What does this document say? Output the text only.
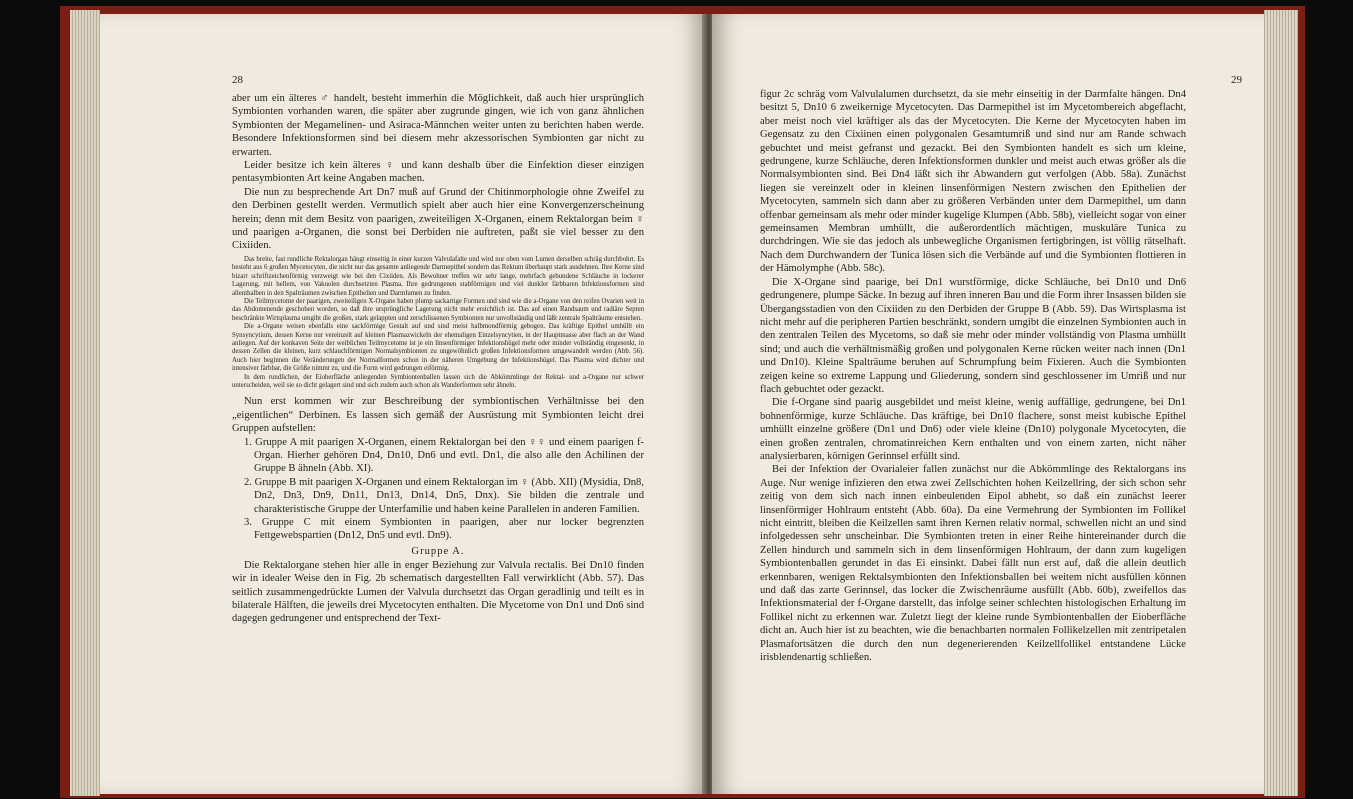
28

aber um ein älteres ♂ handelt, besteht immerhin die Möglichkeit, daß auch hier ursprünglich Symbionten vorhanden waren, die später aber zugrunde gingen, wie ich von ganz ähnlichen Symbionten der Megamelinen- und Asiraca-Männchen weiter unten zu berichten haben werde. Besondere Infektionsformen sind bei diesem mehr akzessorischen Symbionten gar nicht zu erwarten.

Leider besitze ich kein älteres ♀ und kann deshalb über die Einfektion dieser einzigen pentasymbionten Art keine Angaben machen.

Die nun zu besprechende Art Dn7 muß auf Grund der Chitinmorphologie ohne Zweifel zu den Derbinen gestellt werden. Vermutlich spielt aber auch hier eine Konvergenzerscheinung herein; denn mit dem Besitz von paarigen, zweiteiligen X-Organen, einem Rektalorgan beim ♀ und paarigen a-Organen, die sonst bei Derbiden nie auftreten, paßt sie viel besser zu den Cixiiden.

Das breite, fast rundliche Rektalorgan hängt einseitig in einer kurzen Valvulafalte und wird nur oben vom Lumen derselben schräg durchbohrt. Es besteht aus 6 großen Mycetocyten, die nicht nur das gesamte anliegende Darmepithel sondern das Rektum überhaupt stark ausdehnen. Ihre Kerne sind bizarr schriftzeichenförmig verzweigt wie bei den Cixiiden. Als Bewohner treffen wir sehr lange, mehrfach gebundene Schläuche in lockerer Lagerung, mit hellem, von Vakuolen durchsetzten Plasma. Ihre gedrungenen stabförmigen und viel dunkler färbbaren Infektionsformen sind allenthalben in den Spalträumen zwischen Epithelien und Darmlumen zu finden.

Die Teilmycetome der paarigen, zweiteiligen X-Organe haben plump sackartige Formen und sind wie die a-Organe von den reifen Ovarien weit in das Abdomenende geschoben worden, so daß ihre ursprüngliche Lagerung nicht mehr ersichtlich ist. Das auf einen Randsaum und radiäre Septen beschränkte Wirtsplasma umgibt die großen, stark gelappten und zerschlissenen Symbionten nur unvollständig und läßt zentrale Spalträume entstehen.

Die a-Organe weisen ebenfalls eine sackförmige Gestalt auf und sind meist halbmondförmig gebogen. Das kräftige Epithel umhüllt ein Synsyncytium, dessen Kerne nur vereinzelt auf kleinen Plasmazwickeln der ehemaligen Einzelsyncytien, in der Hauptmasse aber flach an der Wand anliegen. Auf der konkaven Seite der weiblichen Teilmycetome ist je ein linsenförmiger Infektionshügel mehr oder minder vollständig eingesenkt, in dessen Zellen die kleinen, kurz schlauchförmigen Normalsymbionten zu ungewöhnlich großen Infektionsformen umgewandelt werden (Abb. 56). Auch hier beginnen die Veränderungen der Normalformen schon in der näheren Umgebung der Infektionshügel. Das Plasma wird dichter und intensiver färbbar, die Größe nimmt zu, und die Form wird gedrungen eiförmig.

In dem rundlichen, der Eioberfläche anliegenden Symbiontenballen lassen sich die Abkömmlinge der Rektal- und a-Organe nur schwer unterscheiden, weil sie so dicht gelagert sind und sich zudem auch schon als Wanderformen sehr ähneln.

Nun erst kommen wir zur Beschreibung der symbiontischen Verhältnisse bei den „eigentlichen“ Derbinen. Es lassen sich gemäß der Ausrüstung mit Symbionten leicht drei Gruppen aufstellen:

1. Gruppe A mit paarigen X-Organen, einem Rektalorgan bei den ♀♀ und einem paarigen f-Organ. Hierher gehören Dn4, Dn10, Dn6 und evtl. Dn1, die also alle den Achilinen der Gruppe B ähneln (Abb. XI).

2. Gruppe B mit paarigen X-Organen und einem Rektalorgan im ♀ (Abb. XII) (Mysidia, Dn8, Dn2, Dn3, Dn9, Dn11, Dn13, Dn14, Dn5, Dnx). Sie bilden die zentrale und charakteristische Gruppe der Unterfamilie und haben keine Parallelen in anderen Familien.

3. Gruppe C mit einem Symbionten in paarigen, aber nur locker begrenzten Fettgewebspartien (Dn12, Dn5 und evtl. Dn9).

Gruppe A.

Die Rektalorgane stehen hier alle in enger Beziehung zur Valvula rectalis. Bei Dn10 finden wir in idealer Weise den in Fig. 2b schematisch dargestellten Fall verwirklicht (Abb. 57). Das seitlich zusammengedrückte Lumen der Valvula durchsetzt das Organ geradlinig und teilt es in bilaterale Hälften, die jeweils drei Mycetocyten enthalten. Die Mycetome von Dn1 und Dn6 sind dagegen gedrungener und entsprechend der Text-

29

figur 2c schräg vom Valvulalumen durchsetzt, da sie mehr einseitig in der Darmfalte hängen. Dn4 besitzt 5, Dn10 6 zweikernige Mycetocyten. Das Darmepithel ist im Mycetombereich abgeflacht, aber meist noch viel kräftiger als das der Mycetocyten. Die Kerne der Mycetocyten haben im Gegensatz zu den Cixiinen einen polygonalen Gesamtumriß und sind nur am Rande schwach gebuchtet und meist gefranst und gezackt. Bei den Symbionten handelt es sich um kleine, gedrungene, kurze Schläuche, deren Infektionsformen dunkler und meist auch etwas größer als die Normalsymbionten sind. Bei Dn4 läßt sich ihr Abwandern gut verfolgen (Abb. 58a). Zunächst liegen sie vereinzelt oder in kleinen linsenförmigen Nestern zwischen den Epithelien der Mycetocyten, sammeln sich dann aber zu größeren Verbänden unter dem Darmepithel, um dann offenbar gemeinsam als mehr oder minder kugelige Klumpen (Abb. 58b), vielleicht sogar von einer gemeinsamen Membran umhüllt, die außerordentlich mächtigen, muskuläre Tunica zu durchdringen. Wie sie das jedoch als unbewegliche Organismen fertigbringen, ist völlig rätselhaft. Nach dem Durchwandern der Tunica lösen sich die Verbände auf und die Symbionten flottieren in der Hämolymphe (Abb. 58c).

Die X-Organe sind paarige, bei Dn1 wurstförmige, dicke Schläuche, bei Dn10 und Dn6 gedrungenere, plumpe Säcke. In bezug auf ihren inneren Bau und die Form ihrer Insassen bilden sie Übergangsstadien von den Cixiiden zu den Derbiden der Gruppe B (Abb. 59). Das Wirtsplasma ist nicht mehr auf die peripheren Partien beschränkt, sondern umgibt die einzelnen Symbionten auch in den zentralen Teilen des Mycetoms, so daß sie mehr oder minder vollständig von Plasma umhüllt sind; und auch die verhältnismäßig großen und polygonalen Kerne rücken weiter nach innen (Dn1 und Dn10). Kleine Spalträume beruhen auf Schrumpfung beim Fixieren. Auch die Symbionten zeigen keine so extreme Lappung und Gliederung, sondern sind geschlossener im Umriß und nur flach gebuchtet oder gezackt.

Die f-Organe sind paarig ausgebildet und meist kleine, wenig auffällige, gedrungene, bei Dn1 bohnenförmige, kurze Schläuche. Das kräftige, bei Dn10 flachere, sonst meist kubische Epithel umhüllt einzelne größere (Dn1 und Dn6) oder viele kleine (Dn10) polygonale Mycetocyten, die einen großen zentralen, chromatinreichen Kern enthalten und von einem zarten, nicht näher analysierbaren, körnigen Gerinnsel erfüllt sind.

Bei der Infektion der Ovarialeier fallen zunächst nur die Abkömmlinge des Rektalorgans ins Auge. Nur wenige infizieren den etwa zwei Zellschichten hohen Keilzellring, der sich schon sehr zeitig von dem sich nach innen einbeulenden Eipol abhebt, so daß ein zunächst leerer linsenförmiger Hohlraum entsteht (Abb. 60a). Da eine Vermehrung der Symbionten im Follikel nicht eintritt, bleiben die Keilzellen samt ihren Kernen relativ normal, schwellen nicht an und sind infolgedessen sehr unscheinbar. Die Symbionten treten in einer Reihe hintereinander durch die Zellen hindurch und sammeln sich in dem linsenförmigen Hohlraum, der dann zum kugeligen Symbiontenballen gerundet in das Ei einsinkt. Dabei fällt nun erst auf, daß die allein deutlich erkennbaren, wenigen Rektalsymbionten den Infektionsballen bei weitem nicht ausfüllen können und daß das zarte Gerinnsel, das locker die Zwischenräume ausfüllt (Abb. 60b), zweifellos das Infektionsmaterial der f-Organe darstellt, das infolge seiner schlechten histologischen Erhaltung im Follikel nicht zu erkennen war. Zuletzt liegt der kleine runde Symbiontenballen der Eioberfläche dicht an. Auch hier ist zu beachten, wie die benachbarten normalen Follikelzellen mit zentripetalen Plasmafortsätzen die durch den nun degenerierenden Keilzellfollikel entstandene Lücke irisblendenartig schließen.
